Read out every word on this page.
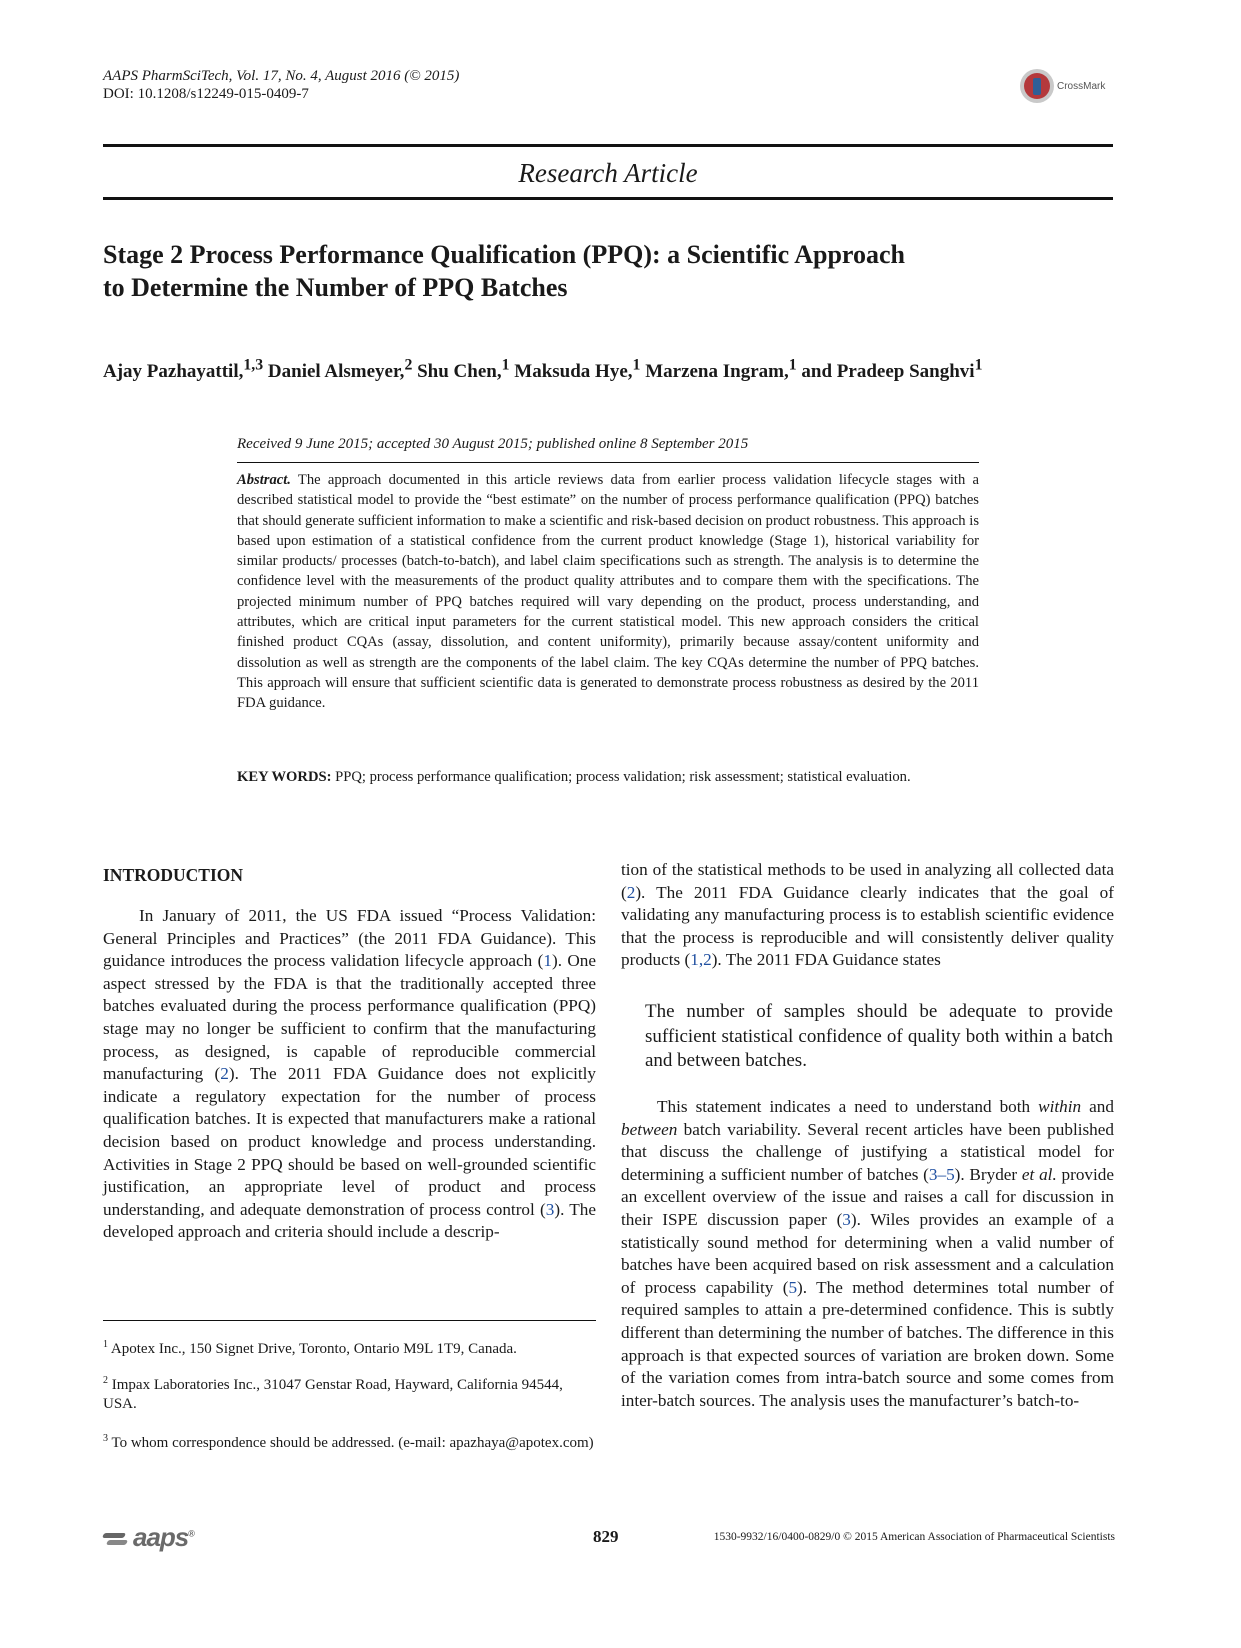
AAPS PharmSciTech, Vol. 17, No. 4, August 2016 (© 2015)
DOI: 10.1208/s12249-015-0409-7	CrossMark
Research Article
Stage 2 Process Performance Qualification (PPQ): a Scientific Approach
to Determine the Number of PPQ Batches
Ajay Pazhayattil,$^{1,3}$ Daniel Alsmeyer,$^2$ Shu Chen,$^1$ Maksuda Hye,$^1$ Marzena Ingram,$^1$ and Pradeep Sanghvi$^1$
Received 9 June 2015; accepted 30 August 2015; published online 8 September 2015
Abstract. The approach documented in this article reviews data from earlier process validation lifecycle stages with a described statistical model to provide the “best estimate” on the number of process performance qualification (PPQ) batches that should generate sufficient information to make a scientific and risk-based decision on product robustness. This approach is based upon estimation of a statistical confidence from the current product knowledge (Stage 1), historical variability for similar products/ processes (batch-to-batch), and label claim specifications such as strength. The analysis is to determine the confidence level with the measurements of the product quality attributes and to compare them with the specifications. The projected minimum number of PPQ batches required will vary depending on the product, process understanding, and attributes, which are critical input parameters for the current statistical model. This new approach considers the critical finished product CQAs (assay, dissolution, and content uniformity), primarily because assay/content uniformity and dissolution as well as strength are the components of the label claim. The key CQAs determine the number of PPQ batches. This approach will ensure that sufficient scientific data is generated to demonstrate process robustness as desired by the 2011 FDA guidance.
KEY WORDS: PPQ; process performance qualification; process validation; risk assessment; statistical evaluation.
INTRODUCTION

In January of 2011, the US FDA issued “Process Validation: General Principles and Practices” (the 2011 FDA Guidance). This guidance introduces the process validation lifecycle approach (1). One aspect stressed by the FDA is that the traditionally accepted three batches evaluated during the process performance qualification (PPQ) stage may no longer be sufficient to confirm that the manufacturing process, as designed, is capable of reproducible commercial manufacturing (2). The 2011 FDA Guidance does not explicitly indicate a regulatory expectation for the number of process qualification batches. It is expected that manufacturers make a rational decision based on product knowledge and process understanding. Activities in Stage 2 PPQ should be based on well-grounded scientific justification, an appropriate level of product and process understanding, and adequate demonstration of process control (3). The developed approach and criteria should include a descrip-

$^1$ Apotex Inc., 150 Signet Drive, Toronto, Ontario M9L 1T9, Canada.
$^2$ Impax Laboratories Inc., 31047 Genstar Road, Hayward, California 94544, USA.
$^3$ To whom correspondence should be addressed. (e-mail: apazhaya@apotex.com)

tion of the statistical methods to be used in analyzing all collected data (2). The 2011 FDA Guidance clearly indicates that the goal of validating any manufacturing process is to establish scientific evidence that the process is reproducible and will consistently deliver quality products (1,2). The 2011 FDA Guidance states

The number of samples should be adequate to provide sufficient statistical confidence of quality both within a batch and between batches.

This statement indicates a need to understand both within and between batch variability. Several recent articles have been published that discuss the challenge of justifying a statistical model for determining a sufficient number of batches (3–5). Bryder et al. provide an excellent overview of the issue and raises a call for discussion in their ISPE discussion paper (3). Wiles provides an example of a statistically sound method for determining when a valid number of batches have been acquired based on risk assessment and a calculation of process capability (5). The method determines total number of required samples to attain a pre-determined confidence. This is subtly different than determining the number of batches. The difference in this approach is that expected sources of variation are broken down. Some of the variation comes from intra-batch source and some comes from inter-batch sources. The analysis uses the manufacturer’s batch-to-

aaps®	829	1530-9932/16/0400-0829/0 © 2015 American Association of Pharmaceutical Scientists
